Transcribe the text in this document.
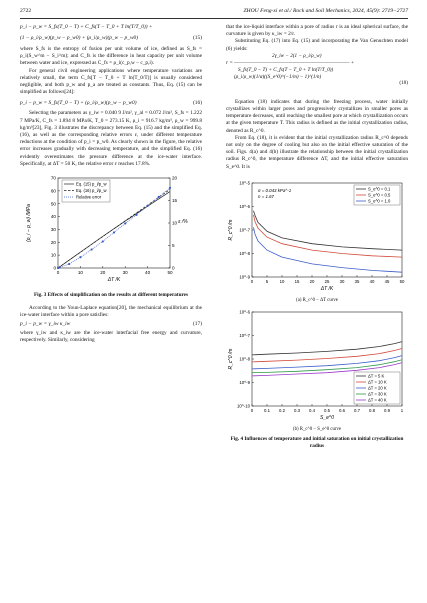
2722	ZHOU Feng-xi et al./ Rock and Soil Mechanics, 2024, 45(9): 2719−2727
p_i − p_w = S_fs(T_0 − T) + C_fs(T − T_0 + T ln(T/T_0)) +
(1 − ρ_i/ρ_w)(p_w − p_w0) + (ρ_i/ρ_w)(p_w − p_w0)	(15)

where S_fs is the entropy of fusion per unit volume of ice, defined as S_fs = ρ_i(S_w^m − S_i^m); and C_fs is the difference in heat capacity per unit volume between water and ice, expressed as C_fs = ρ_i(c_p,w − c_p,i).

For general civil engineering applications where temperature variations are relatively small, the term C_fs[T − T_0 + T ln(T_0/T)] is usually considered negligible, and both p_w and p_a are treated as constants. Thus, Eq. (15) can be simplified as follows[24]:

p_i − p_w = S_fs(T_0 − T) + (ρ_i/ρ_w)(p_w − p_w0)	(16)

Selecting the parameters as γ_iw = 0.040 9 J/m², γ_al = 0.072 J/m², S_fs = 1.222 7 MPa/K, C_fs = 1.894 8 MPa/K, T_0 = 273.15 K, ρ_i = 916.7 kg/m³, ρ_w = 999.8 kg/m³[23], Fig. 3 illustrates the discrepancy between Eq. (15) and the simplified Eq. (16), as well as the corresponding relative errors ε, under different temperature reductions at the condition of p_i = p_w0. As clearly shown in the figure, the relative error increases gradually with decreasing temperature, and the simplified Eq. (16) evidently overestimates the pressure difference at the ice-water interface. Specifically, at ΔT = 50 K, the relative error ε reaches 17.8%.

0	10	20	30	40	50
0
10
20
30
40
50
60
70
0
5
10
15
20
ΔT /K
(p_i − p_w) /MPa	ε /%
Eq. (15) p_i/p_w
Eq. (16) p_i/p_w
Relative error
Fig. 3 Effects of simplification on the results at different temperatures

According to the Youn-Laplace equation[20], the mechanical equilibrium at the ice-water interface within a pore satisfies:

p_i − p_w = γ_iw κ_iw	(17)

where γ_iw and κ_iw are the ice-water interfacial free energy and curvature, respectively. Similarly, considering

that the ice-liquid interface within a pore of radius r is an ideal spherical surface, the curvature is given by κ_iw = 2/r.

Substituting Eq. (17) into Eq. (15) and incorporating the Van Genuchten model (6) yields:

2γ_iw − 2(1 − ρ_i/ρ_w)
r = ————————————————————————— +
S_fs(T_0 − T) + C_fs(T − T_0 + T ln(T/T_0))
(ρ_i/ρ_w)(1/α)((S_e^0)^(−1/m) − 1)^(1/n)
(18)

Equation (18) indicates that during the freezing process, water initially crystallizes within larger pores and progressively crystallizes in smaller pores as temperature decreases, until reaching the smallest pore at which crystallization occurs at the given temperature T. This radius is defined as the initial crystallization radius, denoted as R_c^0.

From Eq. (18), it is evident that the initial crystallization radius R_c^0 depends not only on the degree of cooling but also on the initial effective saturation of the soil. Figs. 4(a) and 4(b) illustrate the relationship between the initial crystallization radius R_c^0, the temperature difference ΔT, and the initial effective saturation S_e^0. It is

0	5	10 15 20 25 30 35 40 45 50
10^-9
10^-8
10^-7
10^-6
10^-5
ΔT /K
R_c^0 /m
α = 0.043 kPa^-1
n = 1.67
S_e^0 = 0.1
S_e^0 = 0.5
S_e^0 = 1.0
(a) R_c^0 − ΔT curve
0	0.1 0.2 0.3 0.4 0.5 0.6 0.7 0.8 0.9	1
10^-10
10^-9
10^-8
10^-7
10^-6
S_e^0
R_c^0 /m
ΔT = 5 K
ΔT = 10 K
ΔT = 20 K
ΔT = 30 K
ΔT = 40 K
(b) R_c^0 − S_e^0 curve
Fig. 4 Influences of temperature and initial saturation on initial crystallization radius
